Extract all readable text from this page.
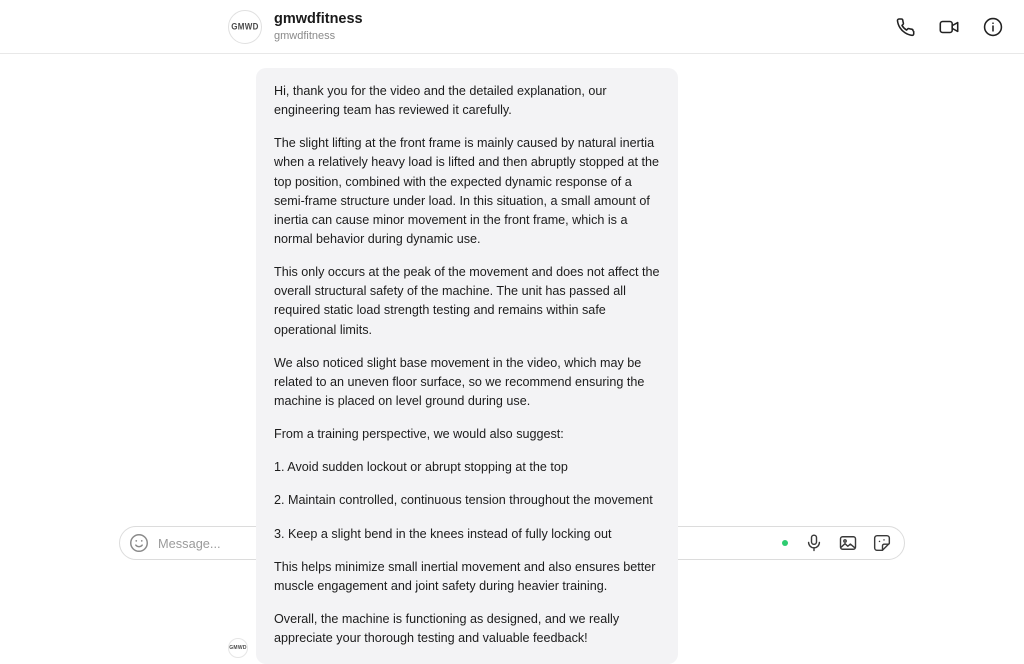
GMWD gmwdfitness
gmwdfitness
GMWD

Hi, thank you for the video and the detailed explanation, our engineering team has reviewed it carefully.

The slight lifting at the front frame is mainly caused by natural inertia when a relatively heavy load is lifted and then abruptly stopped at the top position, combined with the expected dynamic response of a semi-frame structure under load. In this situation, a small amount of inertia can cause minor movement in the front frame, which is a normal behavior during dynamic use.

This only occurs at the peak of the movement and does not affect the overall structural safety of the machine. The unit has passed all required static load strength testing and remains within safe operational limits.

We also noticed slight base movement in the video, which may be related to an uneven floor surface, so we recommend ensuring the machine is placed on level ground during use.

From a training perspective, we would also suggest:

1. Avoid sudden lockout or abrupt stopping at the top

2. Maintain controlled, continuous tension throughout the movement

3. Keep a slight bend in the knees instead of fully locking out

This helps minimize small inertial movement and also ensures better muscle engagement and joint safety during heavier training.

Overall, the machine is functioning as designed, and we really appreciate your thorough testing and valuable feedback!

Message...
